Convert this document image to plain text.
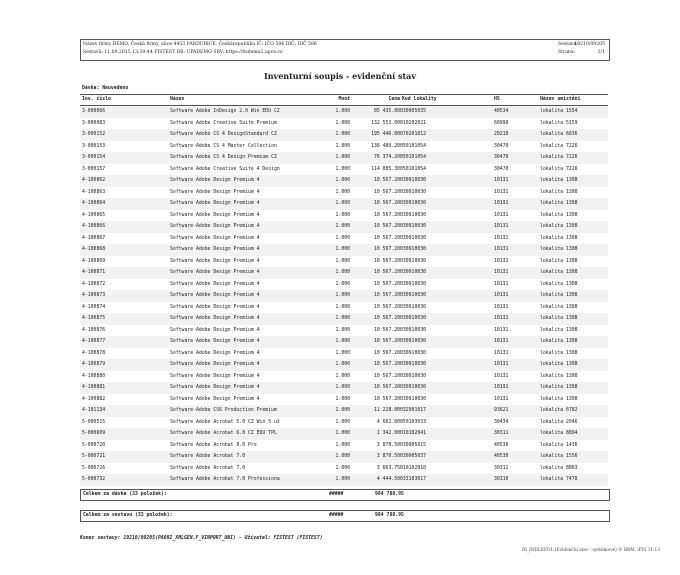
Název firmy DEMO, Česká firmy, ulice 4453 PARDUBICE, Českárepublika IČ: IČO 584 DIČ: DIČ 586
Sestavil: 11.09.2015 13:39:44 FISTEST DB: UPADEMO SRV: https://fisdemo2.upce.cz
Sestava:
19210/09205
Strana:	1/1
Inventurní soupis - evidenční stav
Dávka: Neuvedeno
Inv. číslo	Název	Množ	Cena Kod lokality	HS	Název umístění
3-000066	Software Adobe InDesign 2.0 Win EDU CZ	1.000	85 435.00 030905035	40534	lokalita 1554
3-000083	Software Adobe Creative Suite Premium	1.000	132 553.00 010202021	60999	lokalita 5159
3-000152	Software Adobe CS 4 DesignStandard CZ	1.000	195 446.00 070201012	20210	lokalita 6836
3-000153	Software Adobe CS 4 Master Collection	1.000	136 489.20 050101054	30470	lokalita 7226
3-000154	Software Adobe CS 4 Design Premium CZ	1.000	76 374.20 050101054	30470	lokalita 7226
3-000157	Software Adobe Creative Suite 4 Design	1.000	114 085.30 050101054	30470	lokalita 7226
4-100862	Software Adobe Design Premium 4	1.000	10 567.20 030910030	10131	lokalita 1308
4-100863	Software Adobe Design Premium 4	1.000	10 567.20 030910030	10131	lokalita 1308
4-100864	Software Adobe Design Premium 4	1.000	10 567.20 030910030	10131	lokalita 1308
4-100865	Software Adobe Design Premium 4	1.000	10 567.20 030910030	10131	lokalita 1308
4-100866	Software Adobe Design Premium 4	1.000	10 567.20 030910030	10131	lokalita 1308
4-100867	Software Adobe Design Premium 4	1.000	10 567.20 030910030	10131	lokalita 1308
4-100868	Software Adobe Design Premium 4	1.000	10 567.20 030910030	10131	lokalita 1308
4-100869	Software Adobe Design Premium 4	1.000	10 567.20 030910030	10131	lokalita 1308
4-100871	Software Adobe Design Premium 4	1.000	10 567.20 030910030	10131	lokalita 1308
4-100872	Software Adobe Design Premium 4	1.000	10 567.20 030910030	10131	lokalita 1308
4-100873	Software Adobe Design Premium 4	1.000	10 567.20 030910030	10131	lokalita 1308
4-100874	Software Adobe Design Premium 4	1.000	10 567.20 030910030	10131	lokalita 1308
4-100875	Software Adobe Design Premium 4	1.000	10 567.20 030910030	10131	lokalita 1308
4-100876	Software Adobe Design Premium 4	1.000	10 567.20 030910030	10131	lokalita 1308
4-100877	Software Adobe Design Premium 4	1.000	10 567.20 030910030	10131	lokalita 1308
4-100878	Software Adobe Design Premium 4	1.000	10 567.20 030910030	10131	lokalita 1308
4-100879	Software Adobe Design Premium 4	1.000	10 567.20 030910030	10131	lokalita 1308
4-100880	Software Adobe Design Premium 4	1.000	10 567.20 030910030	10131	lokalita 1308
4-100881	Software Adobe Design Premium 4	1.000	10 567.20 030910030	10131	lokalita 1308
4-100882	Software Adobe Design Premium 4	1.000	10 567.20 030910030	10131	lokalita 1308
4-101134	Software Adobe CS6 Production Premium	1.000	11 228.00 032901017	93621	lokalita 6782
5-000515	Software Adobe Acrobat 5.0 CZ Win 5 už	1.000	4 662.00 050103033	30434	lokalita 2046
5-000609	Software Adobe Acrobat 6.0 CZ EDU TPL	1.000	1 342.00 010102041	30311	lokalita 8894
5-000720	Software Adobe Acrobat 8.0 Pro	1.000	3 870.50 030905015	40530	lokalita 1436
5-000721	Software Adobe Acrobat 7.0	1.000	3 870.50 030905037	40530	lokalita 1556
5-000726	Software Adobe Acrobat 7.0	1.000	3 663.75 010102010	30311	lokalita 8863
5-000732	Software Adobe Acrobat 7.0 Professiona	1.000	4 444.50 033103017	30310	lokalita 7478
Celkem za dávka (33 položek):	#####	984 788.95
Celkem za sestavu (33 položek):	#####	984 788.95
Konec sestavy: 19210/09205(PA092_XMLGEN.F_VINPORT_UNI) - Uživatel: FISTEST (FISTEST)
RI_INDLEFOL (Evidenční stav - systémové) © BBM, iFIS 11.13
